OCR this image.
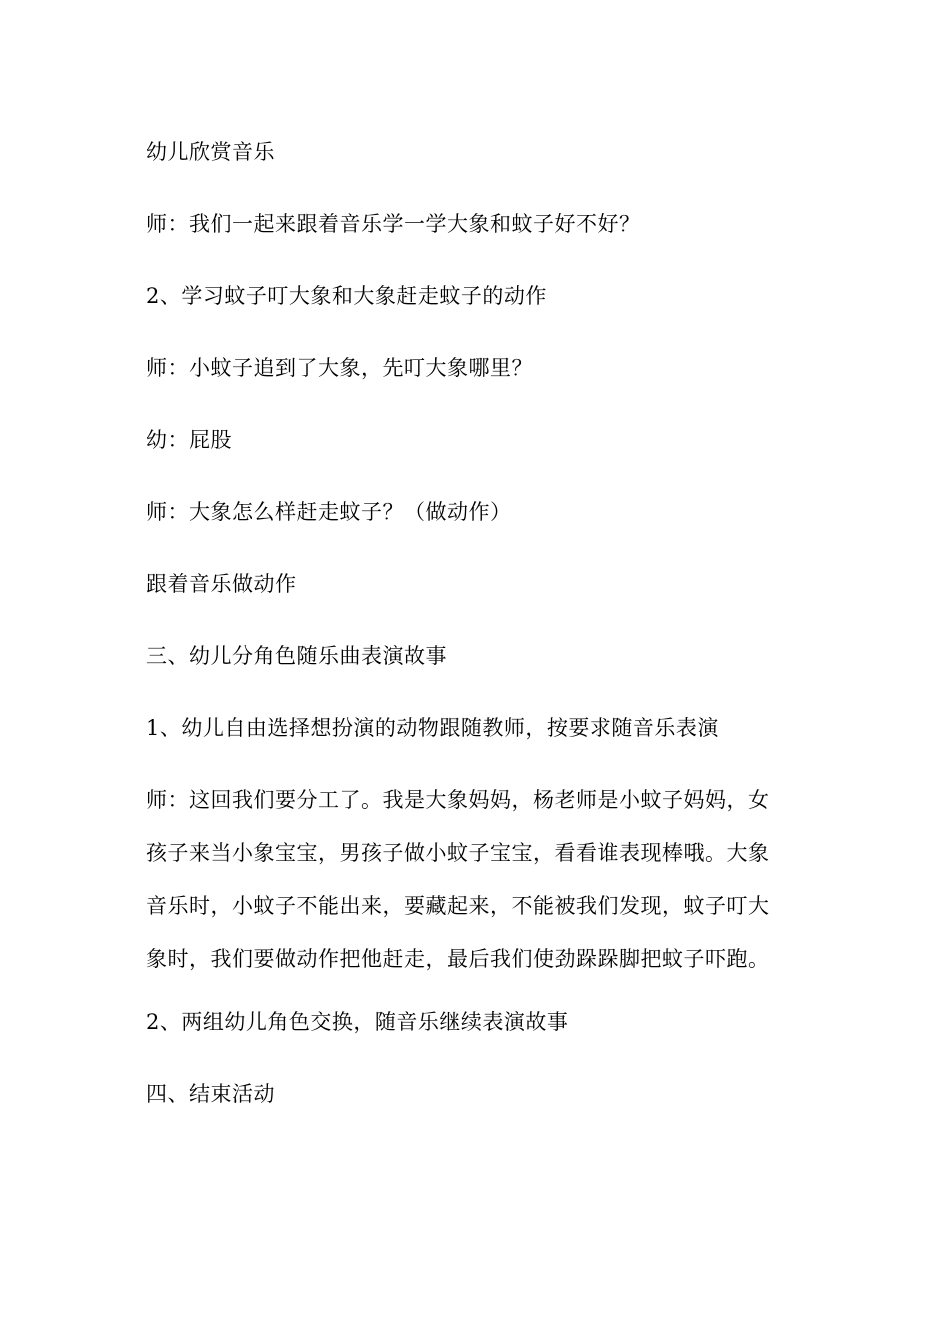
幼儿欣赏音乐
师：我们一起来跟着音乐学一学大象和蚊子好不好？
2、学习蚊子叮大象和大象赶走蚊子的动作
师：小蚊子追到了大象，先叮大象哪里？
幼：屁股
师：大象怎么样赶走蚊子？（做动作）
跟着音乐做动作
三、幼儿分角色随乐曲表演故事
1、幼儿自由选择想扮演的动物跟随教师，按要求随音乐表演
师：这回我们要分工了。我是大象妈妈，杨老师是小蚊子妈妈，女
孩子来当小象宝宝，男孩子做小蚊子宝宝，看看谁表现棒哦。大象
音乐时，小蚊子不能出来，要藏起来，不能被我们发现，蚊子叮大
象时，我们要做动作把他赶走，最后我们使劲跺跺脚把蚊子吓跑。
2、两组幼儿角色交换，随音乐继续表演故事
四、结束活动
